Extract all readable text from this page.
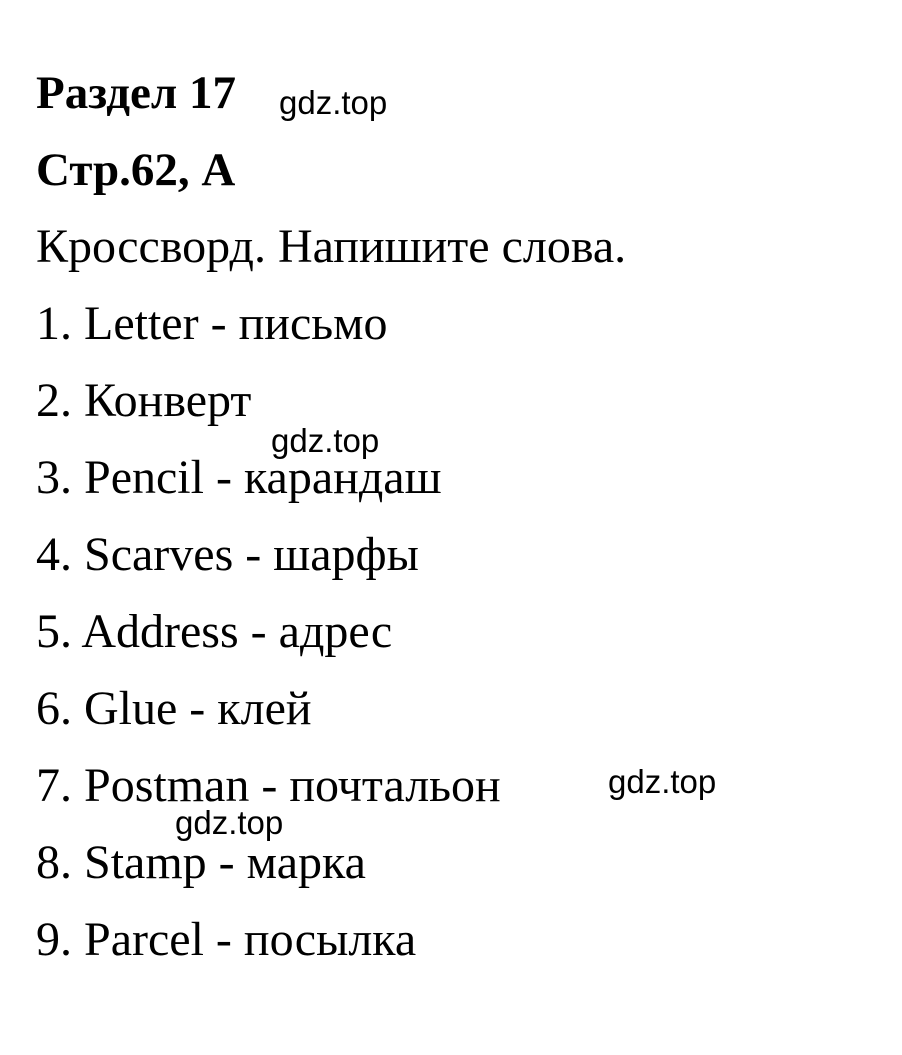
Раздел 17
Стр.62, A
Кроссворд. Напишите слова.
1. Letter - письмо
2. Конверт
3. Pencil - карандаш
4. Scarves - шарфы
5. Address - адрес
6. Glue - клей
7. Postman - почтальон
8. Stamp - марка
9. Parcel - посылка
gdz.top
gdz.top
gdz.top
gdz.top
